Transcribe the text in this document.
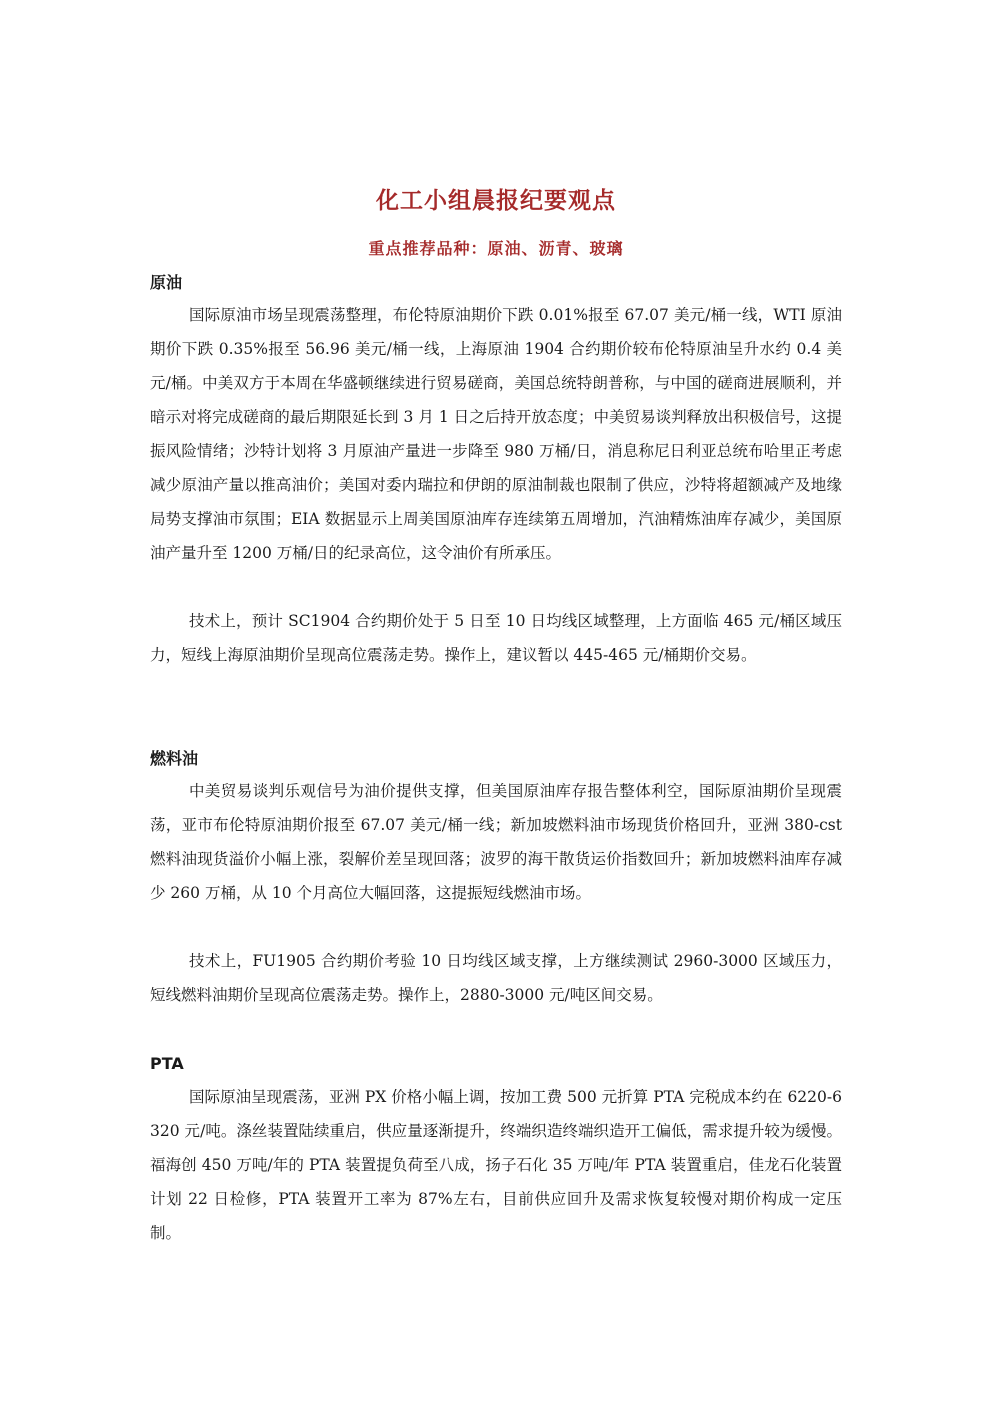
化工小组晨报纪要观点
重点推荐品种：原油、沥青、玻璃
原油

国际原油市场呈现震荡整理，布伦特原油期价下跌 0.01%报至 67.07 美元/桶一线，WTI 原油期价下跌 0.35%报至 56.96 美元/桶一线，上海原油 1904 合约期价较布伦特原油呈升水约 0.4 美元/桶。中美双方于本周在华盛顿继续进行贸易磋商，美国总统特朗普称，与中国的磋商进展顺利，并暗示对将完成磋商的最后期限延长到 3 月 1 日之后持开放态度；中美贸易谈判释放出积极信号，这提振风险情绪；沙特计划将 3 月原油产量进一步降至 980 万桶/日，消息称尼日利亚总统布哈里正考虑减少原油产量以推高油价；美国对委内瑞拉和伊朗的原油制裁也限制了供应，沙特将超额减产及地缘局势支撑油市氛围；EIA 数据显示上周美国原油库存连续第五周增加，汽油精炼油库存减少，美国原油产量升至 1200 万桶/日的纪录高位，这令油价有所承压。

技术上，预计 SC1904 合约期价处于 5 日至 10 日均线区域整理，上方面临 465 元/桶区域压力，短线上海原油期价呈现高位震荡走势。操作上，建议暂以 445-465 元/桶期价交易。

燃料油

中美贸易谈判乐观信号为油价提供支撑，但美国原油库存报告整体利空，国际原油期价呈现震荡，亚市布伦特原油期价报至 67.07 美元/桶一线；新加坡燃料油市场现货价格回升，亚洲 380-cst 燃料油现货溢价小幅上涨，裂解价差呈现回落；波罗的海干散货运价指数回升；新加坡燃料油库存减少 260 万桶，从 10 个月高位大幅回落，这提振短线燃油市场。

技术上，FU1905 合约期价考验 10 日均线区域支撑，上方继续测试 2960-3000 区域压力，短线燃料油期价呈现高位震荡走势。操作上，2880-3000 元/吨区间交易。

PTA

国际原油呈现震荡，亚洲 PX 价格小幅上调，按加工费 500 元折算 PTA 完税成本约在 6220-6320 元/吨。涤丝装置陆续重启，供应量逐渐提升，终端织造终端织造开工偏低，需求提升较为缓慢。福海创 450 万吨/年的 PTA 装置提负荷至八成，扬子石化 35 万吨/年 PTA 装置重启，佳龙石化装置计划 22 日检修，PTA 装置开工率为 87%左右，目前供应回升及需求恢复较慢对期价构成一定压制。
